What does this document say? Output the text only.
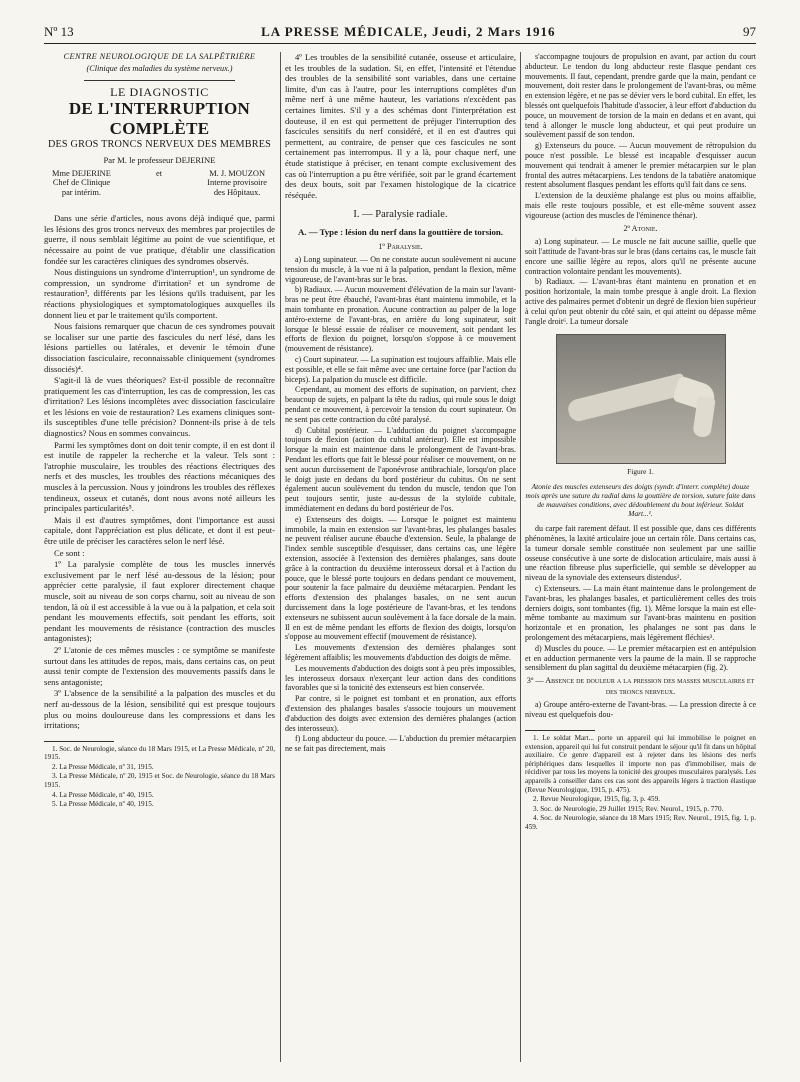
Nº 13	LA PRESSE MÉDICALE, Jeudi, 2 Mars 1916	97

CENTRE NEUROLOGIQUE DE LA SALPÊTRIÈRE

(Clinique des maladies du système nerveux.)

LE DIAGNOSTIC

DE L'INTERRUPTION COMPLÈTE

DES GROS TRONCS NERVEUX DES MEMBRES

Par M. le professeur DEJERINE

Mme DEJERINE
Chef de Clinique
par intérim.
et	M. J. MOUZON
Interne provisoire
des Hôpitaux.

Dans une série d'articles, nous avons déjà indiqué que, parmi les lésions des gros troncs nerveux des membres par projectiles de guerre, il nous semblait légitime au point de vue scientifique, et nécessaire au point de vue pratique, d'établir une classification fondée sur les caractères cliniques des syndromes observés.

Nous distinguions un syndrome d'interruption¹, un syndrome de compression, un syndrome d'irritation² et un syndrome de restauration³, différents par les lésions qu'ils traduisent, par les réactions physiologiques et symptomatologiques auxquelles ils donnent lieu et par le traitement qu'ils comportent.

Nous faisions remarquer que chacun de ces syndromes pouvait se localiser sur une partie des fascicules du nerf lésé, dans les lésions partielles ou latérales, et devenir le témoin d'une dissociation fasciculaire, reconnaissable cliniquement (syndromes dissociés)⁴.

S'agit-il là de vues théoriques? Est-il possible de reconnaître pratiquement les cas d'interruption, les cas de compression, les cas d'irritation? Les lésions incomplètes avec dissociation fasciculaire et les lésions en voie de restauration? Les examens cliniques sont-ils susceptibles d'une telle précision? Donnent-ils prise à de tels diagnostics? Nous en sommes convaincus.

Parmi les symptômes dont on doit tenir compte, il en est dont il est inutile de rappeler la recherche et la valeur. Tels sont : l'atrophie musculaire, les troubles des réactions électriques des nerfs et des muscles, les troubles des réactions mécaniques des muscles à la percussion. Nous y joindrons les troubles des réflexes tendineux, osseux et cutanés, dont nous avons noté ailleurs les principales particularités⁵.

Mais il est d'autres symptômes, dont l'importance est aussi capitale, dont l'appréciation est plus délicate, et dont il est peut-être utile de préciser les caractères selon le nerf lésé.

Ce sont :

1º La paralysie complète de tous les muscles innervés exclusivement par le nerf lésé au-dessous de la lésion; pour apprécier cette paralysie, il faut explorer directement chaque muscle, soit au niveau de son corps charnu, soit au niveau de son tendon, là où il est accessible à la vue ou à la palpation, et cela soit pendant les mouvements effectifs, soit pendant les efforts, soit pendant les mouvements de résistance (contraction des muscles antagonistes);

2º L'atonie de ces mêmes muscles : ce symptôme se manifeste surtout dans les attitudes de repos, mais, dans certains cas, on peut aussi tenir compte de l'extension des mouvements passifs dans le sens antagoniste;

3º L'absence de la sensibilité a la palpation des muscles et du nerf au-dessous de la lésion, sensibilité qui est presque toujours plus ou moins douloureuse dans les compressions et dans les irritations;

1. Soc. de Neurologie, séance du 18 Mars 1915, et La Presse Médicale, nº 20, 1915.

2. La Presse Médicale, nº 31, 1915.

3. La Presse Médicale, nº 20, 1915 et Soc. de Neurologie, séance du 18 Mars 1915.

4. La Presse Médicale, nº 40, 1915.

5. La Presse Médicale, nº 40, 1915.

4º Les troubles de la sensibilité cutanée, osseuse et articulaire, et les troubles de la sudation. Si, en effet, l'intensité et l'étendue des troubles de la sensibilité sont variables, dans une certaine limite, d'un cas à l'autre, pour les interruptions complètes d'un même nerf à une même hauteur, les variations n'excèdent pas certaines limites. S'il y a des schémas dont l'interprétation est douteuse, il en est qui permettent de préjuger l'interruption des fascicules sensitifs du nerf considéré, et il en est d'autres qui permettent, au contraire, de penser que ces fascicules ne sont certainement pas interrompus. Il y a là, pour chaque nerf, une étude statistique à préciser, en tenant compte exclusivement des cas où l'interruption a pu être vérifiée, soit par le grand écartement des deux bouts, soit par l'examen histologique de la cicatrice réséquée.

I. — Paralysie radiale.

A. — Type : lésion du nerf dans la gouttière de torsion.

1º Paralysie.

a) Long supinateur. — On ne constate aucun soulèvement ni aucune tension du muscle, à la vue ni à la palpation, pendant la flexion, même vigoureuse, de l'avant-bras sur le bras.

b) Radiaux. — Aucun mouvement d'élévation de la main sur l'avant-bras ne peut être ébauché, l'avant-bras étant maintenu immobile, et la main tombante en pronation. Aucune contraction au palper de la loge antéro-externe de l'avant-bras, en arrière du long supinateur, soit lorsque le blessé essaie de réaliser ce mouvement, soit pendant les efforts de flexion du poignet, lorsqu'on s'oppose à ce mouvement (mouvement de résistance).

c) Court supinateur. — La supination est toujours affaiblie. Mais elle est possible, et elle se fait même avec une certaine force (par l'action du biceps). La palpation du muscle est difficile.

Cependant, au moment des efforts de supination, on parvient, chez beaucoup de sujets, en palpant la tête du radius, qui roule sous le doigt pendant ce mouvement, à percevoir la tension du court supinateur. On ne sent pas cette contraction du côté paralysé.

d) Cubital postérieur. — L'adduction du poignet s'accompagne toujours de flexion (action du cubital antérieur). Elle est impossible lorsque la main est maintenue dans le prolongement de l'avant-bras. Pendant les efforts que fait le blessé pour réaliser ce mouvement, on ne sent aucun durcissement de l'aponévrose antibrachiale, lorsqu'on place le doigt juste en dedans du bord postérieur du cubitus. On ne sent également aucun soulèvement du tendon du muscle, tendon que l'on peut toujours sentir, juste au-dessus de la styloïde cubitale, immédiatement en dedans du bord postérieur de l'os.

e) Extenseurs des doigts. — Lorsque le poignet est maintenu immobile, la main en extension sur l'avant-bras, les phalanges basales ne peuvent réaliser aucune ébauche d'extension. Seule, la phalange de l'index semble susceptible d'esquisser, dans certains cas, une légère extension, associée à l'extension des dernières phalanges, sans doute grâce à la contraction du deuxième interosseux dorsal et à l'action du pouce, que le blessé porte toujours en dedans pendant ce mouvement, pour soutenir la face palmaire du deuxième métacarpien. Pendant les efforts d'extension des phalanges basales, on ne sent aucun durcissement dans la loge postérieure de l'avant-bras, et les tendons extenseurs ne subissent aucun soulèvement à la face dorsale de la main. Il en est de même pendant les efforts de flexion des doigts, lorsqu'on s'oppose au mouvement effectif (mouvement de résistance).

Les mouvements d'extension des dernières phalanges sont légèrement affaiblis; les mouvements d'abduction des doigts de même.

Les mouvements d'abduction des doigts sont à peu près impossibles, les interosseux dorsaux n'exerçant leur action dans des conditions favorables que si la tonicité des extenseurs est bien conservée.

Par contre, si le poignet est tombant et en pronation, aux efforts d'extension des phalanges basales s'associe toujours un mouvement d'abduction des doigts avec extension des dernières phalanges (action des interosseux).

f) Long abducteur du pouce. — L'abduction du premier métacarpien ne se fait pas directement, mais

s'accompagne toujours de propulsion en avant, par action du court abducteur. Le tendon du long abducteur reste flasque pendant ces mouvements. Il faut, cependant, prendre garde que la main, pendant ce mouvement, doit rester dans le prolongement de l'avant-bras, ou même en extension légère, et ne pas se dévier vers le bord cubital. En effet, les blessés ont quelquefois l'habitude d'associer, à leur effort d'abduction du pouce, un mouvement de torsion de la main en dedans et en avant, qui tend à allonger le muscle long abducteur, et qui peut produire un soulèvement passif de son tendon.

g) Extenseurs du pouce. — Aucun mouvement de rétropulsion du pouce n'est possible. Le blessé est incapable d'esquisser aucun mouvement qui tendrait à amener le premier métacarpien sur le plan frontal des autres métacarpiens. Les tendons de la tabatière anatomique restent absolument flasques pendant les efforts qu'il fait dans ce sens.

L'extension de la deuxième phalange est plus ou moins affaiblie, mais elle reste toujours possible, et est elle-même souvent assez vigoureuse (action des muscles de l'éminence thénar).

2º Atonie.

a) Long supinateur. — Le muscle ne fait aucune saillie, quelle que soit l'attitude de l'avant-bras sur le bras (dans certains cas, le muscle fait encore une saillie légère au repos, alors qu'il ne présente aucune contraction volontaire pendant les mouvements).

b) Radiaux. — L'avant-bras étant maintenu en pronation et en position horizontale, la main tombe presque à angle droit. La flexion active des palmaires permet d'obtenir un degré de flexion bien supérieur à celui qu'on peut obtenir du côté sain, et qui atteint ou dépasse même l'angle droit⁶. La tumeur dorsale

Figure 1.

Atonie des muscles extenseurs des doigts (syndr. d'interr. complète) douze mois après une suture du radial dans la gouttière de torsion, suture faite dans de mauvaises conditions, avec dédoublement du bout inférieur. Soldat Mart...¹.

du carpe fait rarement défaut. Il est possible que, dans ces différents phénomènes, la laxité articulaire joue un certain rôle. Dans certains cas, la tumeur dorsale semble constituée non seulement par une saillie osseuse consécutive à une sorte de dislocation articulaire, mais aussi à une réaction fibreuse plus superficielle, qui semble se développer au niveau de la synoviale des extenseurs distendus².

c) Extenseurs. — La main étant maintenue dans le prolongement de l'avant-bras, les phalanges basales, et particulièrement celles des trois derniers doigts, sont tombantes (fig. 1). Même lorsque la main est elle-même tombante au maximum sur l'avant-bras maintenu en position horizontale et en pronation, les phalanges ne sont pas dans le prolongement des métacarpiens, mais légèrement fléchies³.

d) Muscles du pouce. — Le premier métacarpien est en antépulsion et en adduction permanente vers la paume de la main. Il se rapproche sensiblement du plan sagittal du deuxième métacarpien (fig. 2).

3º — Absence de douleur a la pression des masses musculaires et des troncs nerveux.

a) Groupe antéro-externe de l'avant-bras. — La pression directe à ce niveau est quelquefois dou-

1. Le soldat Mart... porte un appareil qui lui immobilise le poignet en extension, appareil qui lui fut construit pendant le séjour qu'il fit dans un hôpital auxiliaire. Ce genre d'appareil est à rejeter dans les lésions des nerfs périphériques dans lesquelles il importe non pas d'immobiliser, mais de récidiver par tous les moyens la tonicité des groupes musculaires paralysés. Les appareils à conseiller dans ces cas sont des appareils légers à traction élastique (Revue Neurologique, 1915, p. 475).

2. Revue Neurologique, 1915, fig. 3, p. 459.

3. Soc. de Neurologie, 29 Juillet 1915; Rev. Neurol., 1915, p. 770.

4. Soc. de Neurologie, séance du 18 Mars 1915; Rev. Neurol., 1915, fig. 1, p. 459.
